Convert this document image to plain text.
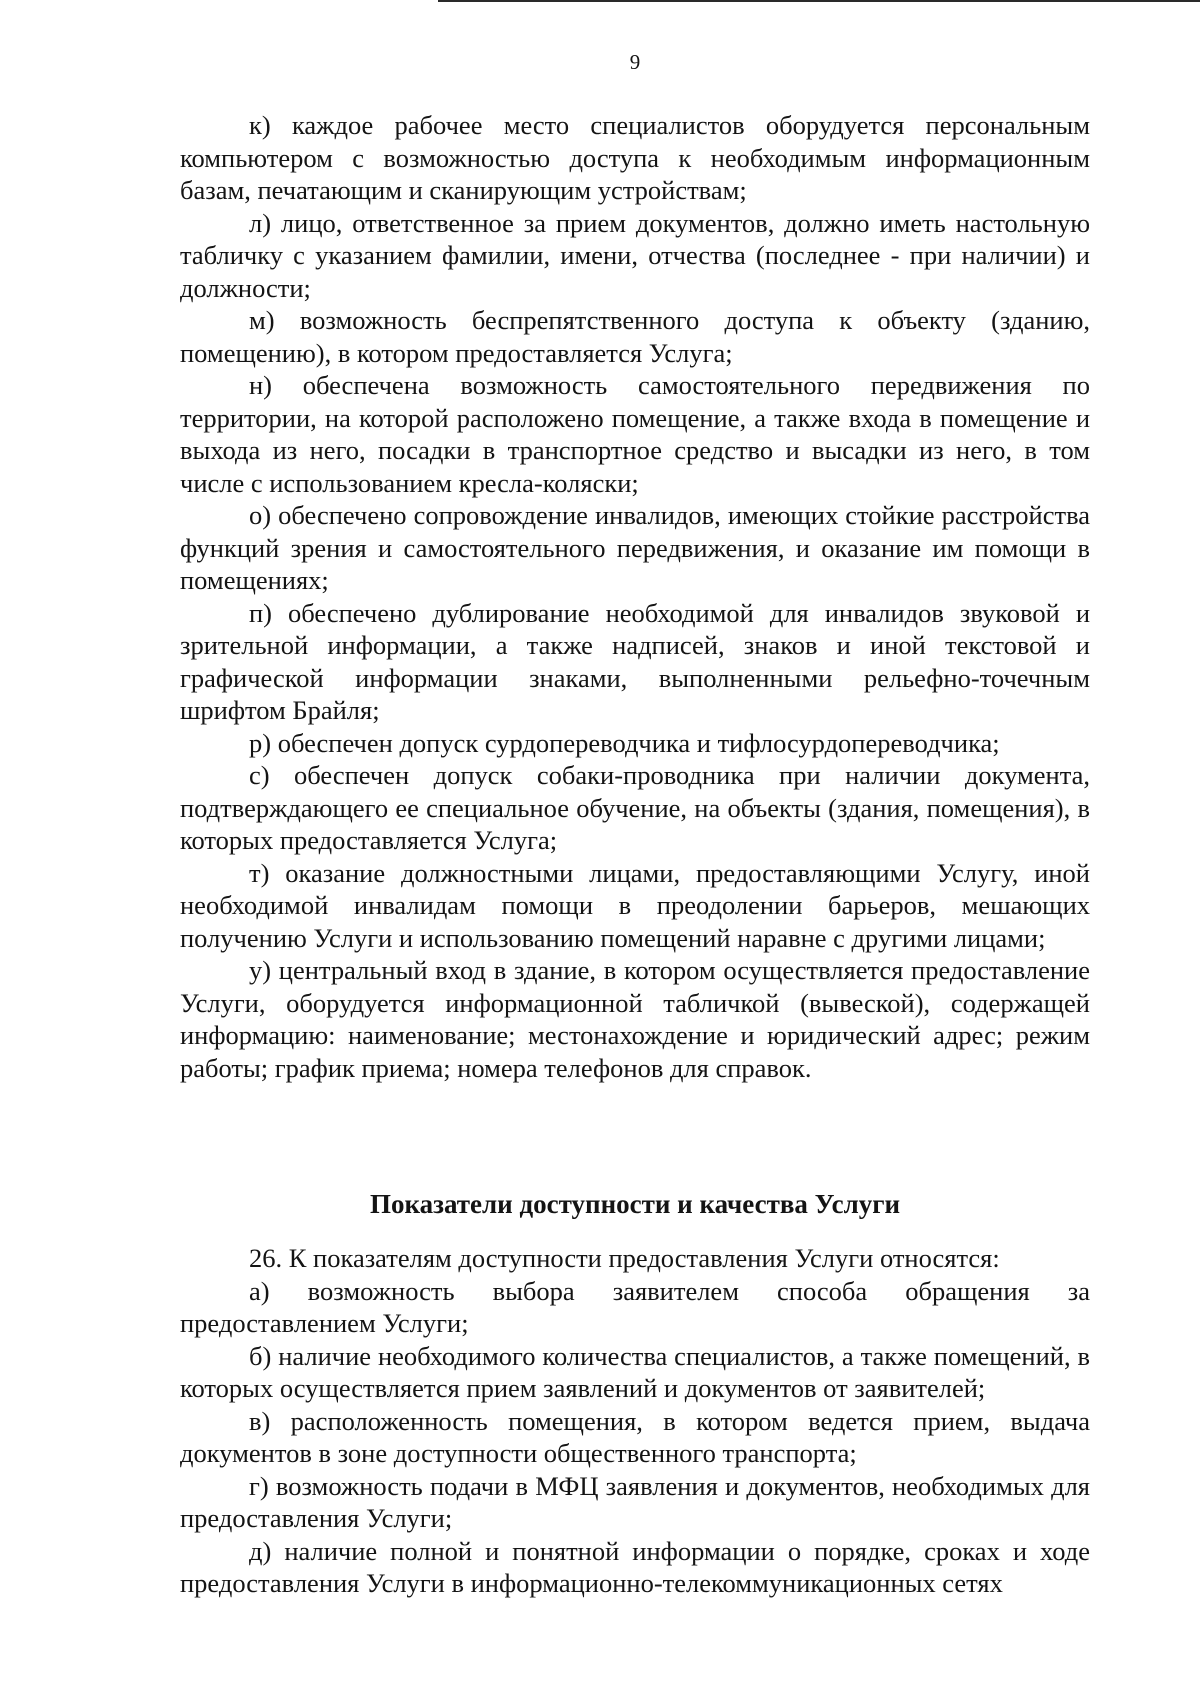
9

к) каждое рабочее место специалистов оборудуется персональным компьютером с возможностью доступа к необходимым информационным базам, печатающим и сканирующим устройствам;

л) лицо, ответственное за прием документов, должно иметь настольную табличку с указанием фамилии, имени, отчества (последнее - при наличии) и должности;

м) возможность беспрепятственного доступа к объекту (зданию, помещению), в котором предоставляется Услуга;

н) обеспечена возможность самостоятельного передвижения по территории, на которой расположено помещение, а также входа в помещение и выхода из него, посадки в транспортное средство и высадки из него, в том числе с использованием кресла-коляски;

о) обеспечено сопровождение инвалидов, имеющих стойкие расстройства функций зрения и самостоятельного передвижения, и оказание им помощи в помещениях;

п) обеспечено дублирование необходимой для инвалидов звуковой и зрительной информации, а также надписей, знаков и иной текстовой и графической информации знаками, выполненными рельефно-точечным шрифтом Брайля;

р) обеспечен допуск сурдопереводчика и тифлосурдопереводчика;

с) обеспечен допуск собаки-проводника при наличии документа, подтверждающего ее специальное обучение, на объекты (здания, помещения), в которых предоставляется Услуга;

т) оказание должностными лицами, предоставляющими Услугу, иной необходимой инвалидам помощи в преодолении барьеров, мешающих получению Услуги и использованию помещений наравне с другими лицами;

у) центральный вход в здание, в котором осуществляется предоставление Услуги, оборудуется информационной табличкой (вывеской), содержащей информацию: наименование; местонахождение и юридический адрес; режим работы; график приема; номера телефонов для справок.

Показатели доступности и качества Услуги

26. К показателям доступности предоставления Услуги относятся:

а) возможность выбора заявителем способа обращения за предоставлением Услуги;

б) наличие необходимого количества специалистов, а также помещений, в которых осуществляется прием заявлений и документов от заявителей;

в) расположенность помещения, в котором ведется прием, выдача документов в зоне доступности общественного транспорта;

г) возможность подачи в МФЦ заявления и документов, необходимых для предоставления Услуги;

д) наличие полной и понятной информации о порядке, сроках и ходе предоставления Услуги в информационно-телекоммуникационных сетях
